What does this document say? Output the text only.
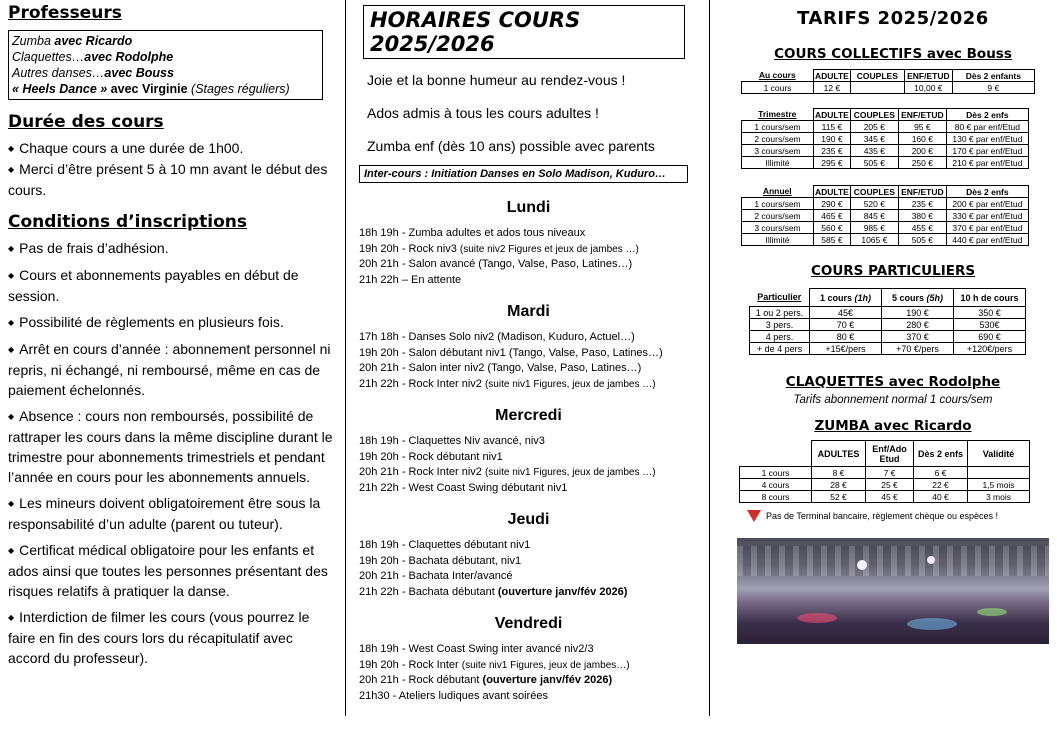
Professeurs
Zumba avec Ricardo
Claquettes…avec Rodolphe
Autres danses…avec Bouss
« Heels Dance » avec Virginie (Stages réguliers)
Durée des cours
◆ Chaque cours a une durée de 1h00.
◆ Merci d’être présent 5 à 10 mn avant le début des cours.
Conditions d’inscriptions
◆ Pas de frais d’adhésion.
◆ Cours et abonnements payables en début de session.
◆ Possibilité de règlements en plusieurs fois.
◆ Arrêt en cours d’année : abonnement personnel ni repris, ni échangé, ni remboursé, même en cas de paiement échelonnés.
◆ Absence : cours non remboursés, possibilité de rattraper les cours dans la même discipline durant le trimestre pour abonnements trimestriels et pendant l’année en cours pour les abonnements annuels.
◆ Les mineurs doivent obligatoirement être sous la responsabilité d’un adulte (parent ou tuteur).
◆ Certificat médical obligatoire pour les enfants et ados ainsi que toutes les personnes présentant des risques relatifs à pratiquer la danse.
◆ Interdiction de filmer les cours (vous pourrez le faire en fin des cours lors du récapitulatif avec accord du professeur).
HORAIRES COURS 2025/2026
Joie et la bonne humeur au rendez-vous !
Ados admis à tous les cours adultes !
Zumba enf (dès 10 ans) possible avec parents
Inter-cours : Initiation Danses en Solo Madison, Kuduro…
Lundi
18h 19h - Zumba adultes et ados tous niveaux
19h 20h - Rock niv3 (suite niv2 Figures et jeux de jambes …)
20h 21h - Salon avancé (Tango, Valse, Paso, Latines…)
21h 22h – En attente
Mardi
17h 18h - Danses Solo niv2 (Madison, Kuduro, Actuel…)
19h 20h - Salon débutant niv1 (Tango, Valse, Paso, Latines…)
20h 21h - Salon inter niv2 (Tango, Valse, Paso, Latines…)
21h 22h - Rock Inter niv2 (suite niv1 Figures, jeux de jambes …)
Mercredi
18h 19h - Claquettes Niv avancé, niv3
19h 20h - Rock débutant niv1
20h 21h - Rock Inter niv2 (suite niv1 Figures, jeux de jambes …)
21h 22h - West Coast Swing débutant niv1
Jeudi
18h 19h - Claquettes débutant niv1
19h 20h - Bachata débutant, niv1
20h 21h - Bachata Inter/avancé
21h 22h - Bachata débutant (ouverture janv/fév 2026)
Vendredi
18h 19h - West Coast Swing inter avancé niv2/3
19h 20h - Rock Inter (suite niv1 Figures, jeux de jambes…)
20h 21h - Rock débutant (ouverture janv/fév 2026)
21h30 - Ateliers ludiques avant soirées
TARIFS 2025/2026
COURS COLLECTIFS avec Bouss
Au cours	ADULTE	COUPLES	ENF/ETUD	Dès 2 enfants
1 cours	12 €		10,00 €	9 €
Trimestre	ADULTE	COUPLES	ENF/ETUD	Dès 2 enfs
1 cours/sem	115 €	205 €	95 €	80 € par enf/Etud
2 cours/sem	190 €	345 €	160 €	130 € par enf/Etud
3 cours/sem	235 €	435 €	200 €	170 € par enf/Etud
Illimité	295 €	505 €	250 €	210 € par enf/Etud
Annuel	ADULTE	COUPLES	ENF/ETUD	Dès 2 enfs
1 cours/sem	290 €	520 €	235 €	200 € par enf/Etud
2 cours/sem	465 €	845 €	380 €	330 € par enf/Etud
3 cours/sem	560 €	985 €	455 €	370 € par enf/Etud
Illimité	585 €	1065 €	505 €	440 € par enf/Etud
COURS PARTICULIERS
Particulier	1 cours (1h)	5 cours (5h)	10 h de cours
1 ou 2 pers.	45€	190 €	350 €
3 pers.	70 €	280 €	530€
4 pers.	80 €	370 €	690 €
+ de 4 pers	+15€/pers	+70 €/pers	+120€/pers
CLAQUETTES avec Rodolphe
Tarifs abonnement normal 1 cours/sem
ZUMBA avec Ricardo
	ADULTES	Enf/Ado Etud	Dès 2 enfs	Validité
1 cours	8 €	7 €	6 €	
4 cours	28 €	25 €	22 €	1,5 mois
8 cours	52 €	45 €	40 €	3 mois
Pas de Terminal bancaire, règlement chèque ou espèces !
